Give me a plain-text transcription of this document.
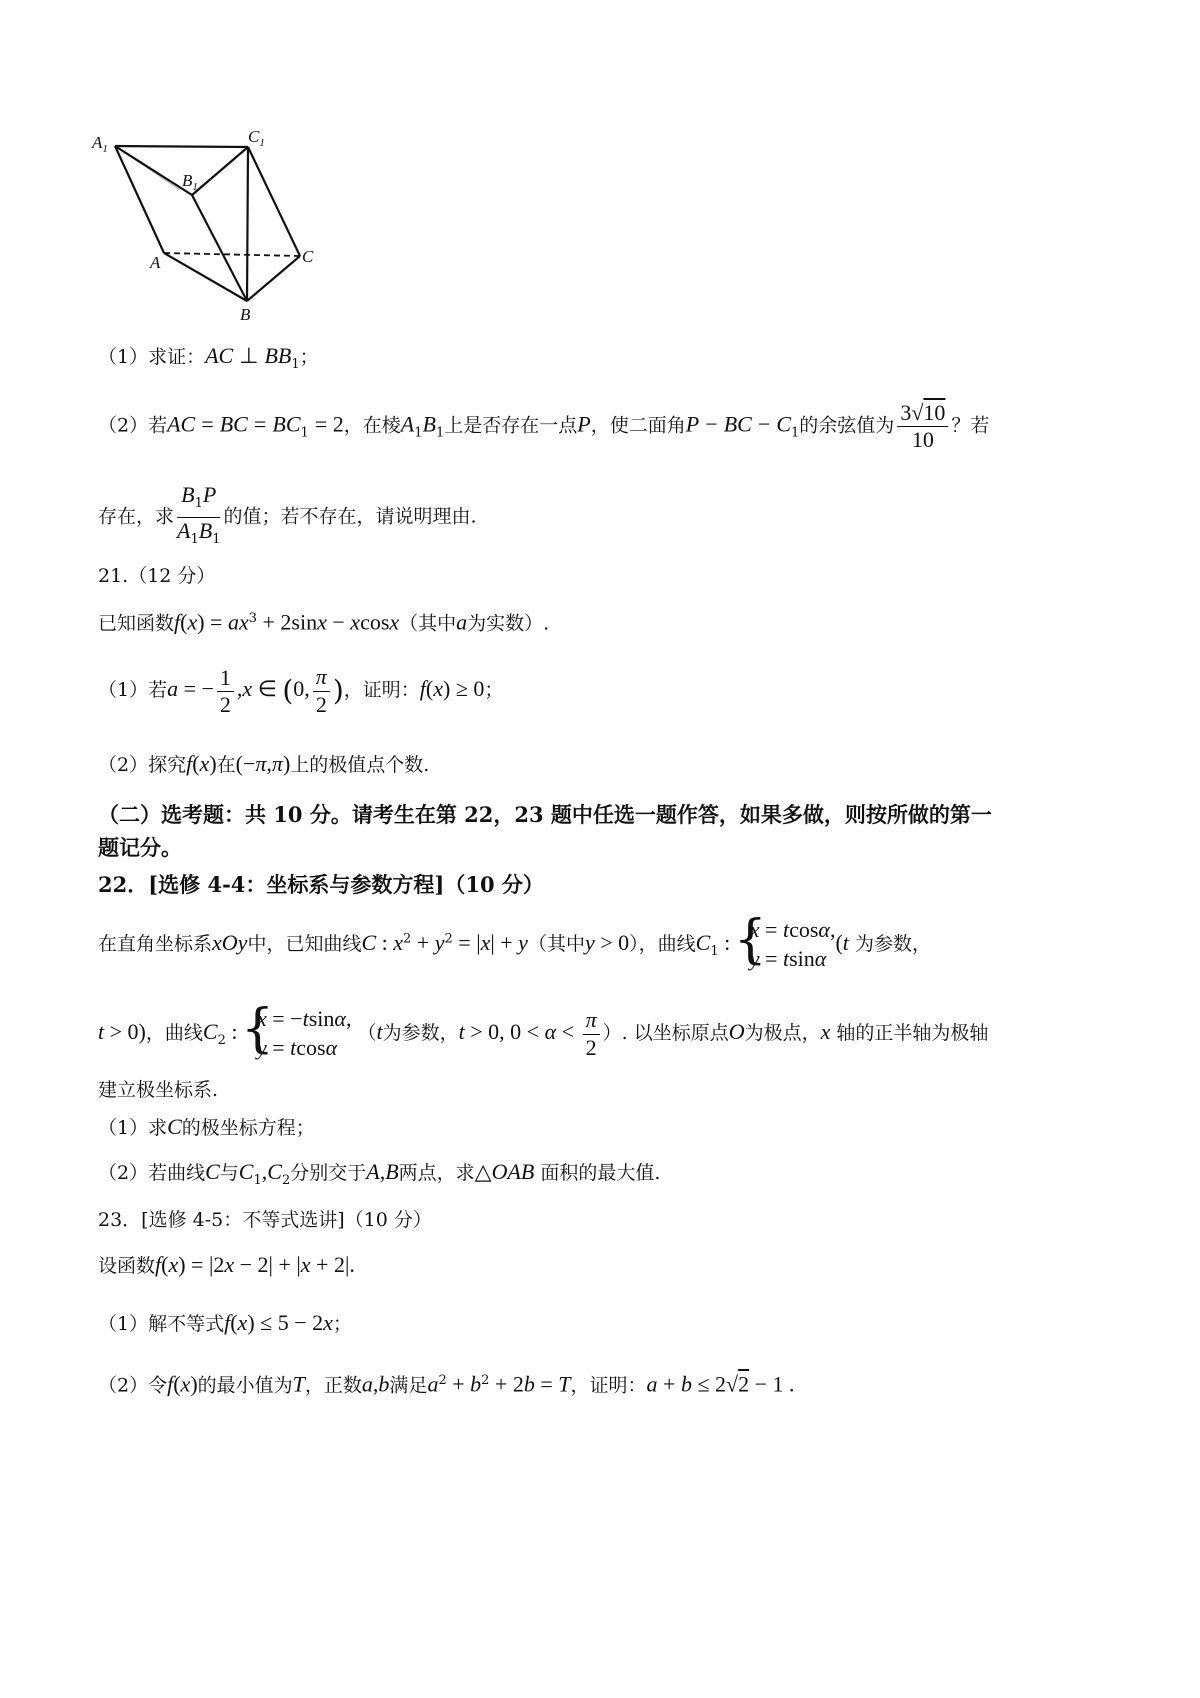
$A_1$
$C_1$
$B_1$
A	C
B
（1）求证：AC ⊥ $BB_1$；
（2）若AC = BC = $BC_1 = 2$，在棱$A_1B_1$上是否存在一点P，使二面角P − BC − $C_1$的余弦值为 $\frac{3√10}{10}$ ？若
存在，求 $\frac{B_1P}{A_1B_1}$ 的值；若不存在，请说明理由.
21.（12 分）
已知函数$f(x) = ax^3 + 2\sin x - xcosx$（其中a为实数）.
（1）若a = − $\frac{1}{2} ,x$ ∈ (0, $\frac{\pi}{2}$ )，证明：f(x) ≥ 0；
（2）探究f(x)在(−π,π)上的极值点个数.
（二）选考题：共 10 分。请考生在第 22，23 题中任选一题作答，如果多做，则按所做的第一
题记分。
22．[选修 4-4：坐标系与参数方程]（10 分）
在直角坐标系xOy中，已知曲线C : $x^2 + y^2 = |x| + y$（其中y > 0），曲线$C_1$ :
{ x = tcosα,
y = tsinα
(t 为参数，
t > 0)，曲线$C_2$ :
{ x = −tsinα,
y = tcosα
（t为参数，t > 0, $0 < \alpha < \frac{\pi}{2}$ ）. 以坐标原点O为极点，x 轴的正半轴为极轴
建立极坐标系.
（1）求C的极坐标方程；
（2）若曲线C与$C_1,C_2$分别交于A,B两点，求△OAB 面积的最大值.
23．[选修 4-5：不等式选讲]（10 分）
设函数f(x) = |2x − 2| + |x + 2|.
（1）解不等式f(x) ≤ 5 − 2x；
（2）令f(x)的最小值为T，正数a,b满足$a^2 + b^2 + 2b = T$，证明：a + b ≤ 2√2 − 1 .
